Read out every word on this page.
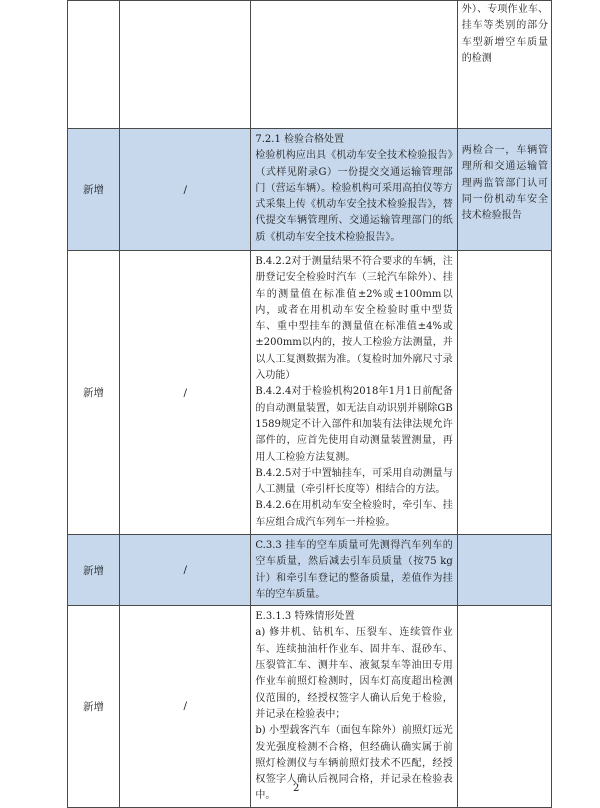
			外）、专项作业车、挂车等类别的部分车型新增空车质量的检测

新增	/	7.2.1 检验合格处置
检验机构应出具《机动车安全技术检验报告》（式样见附录G）一份提交交通运输管理部门（营运车辆）。检验机构可采用高拍仪等方式采集上传《机动车安全技术检验报告》，替代提交车辆管理所、交通运输管理部门的纸质《机动车安全技术检验报告》。	两检合一，车辆管理所和交通运输管理两监管部门认可同一份机动车安全技术检验报告

新增	/	B.4.2.2对于测量结果不符合要求的车辆，注册登记安全检验时汽车（三轮汽车除外）、挂车的测量值在标准值±2%或±100mm以内，或者在用机动车安全检验时重中型货车、重中型挂车的测量值在标准值±4%或±200mm以内的，按人工检验方法测量，并以人工复测数据为准。（复检时加外廓尺寸录入功能）
B.4.2.4对于检验机构2018年1月1日前配备的自动测量装置，如无法自动识别并剔除GB 1589规定不计入部件和加装有法律法规允许部件的，应首先使用自动测量装置测量，再用人工检验方法复测。
B.4.2.5对于中置轴挂车，可采用自动测量与人工测量（牵引杆长度等）相结合的方法。
B.4.2.6在用机动车安全检验时，牵引车、挂车应组合成汽车列车一并检验。	

新增	/	C.3.3 挂车的空车质量可先测得汽车列车的空车质量，然后减去引车员质量（按75 kg计）和牵引车登记的整备质量，差值作为挂车的空车质量。	

新增	/	E.3.1.3 特殊情形处置
a) 修井机、钻机车、压裂车、连续管作业车、连续抽油杆作业车、固井车、混砂车、压裂管汇车、测井车、液氮泵车等油田专用作业车前照灯检测时，因车灯高度超出检测仪范围的，经授权签字人确认后免于检验，并记录在检验表中；
b) 小型载客汽车（面包车除外）前照灯远光发光强度检测不合格，但经确认确实属于前照灯检测仪与车辆前照灯技术不匹配，经授权签字人确认后视同合格，并记录在检验表中。	

2
